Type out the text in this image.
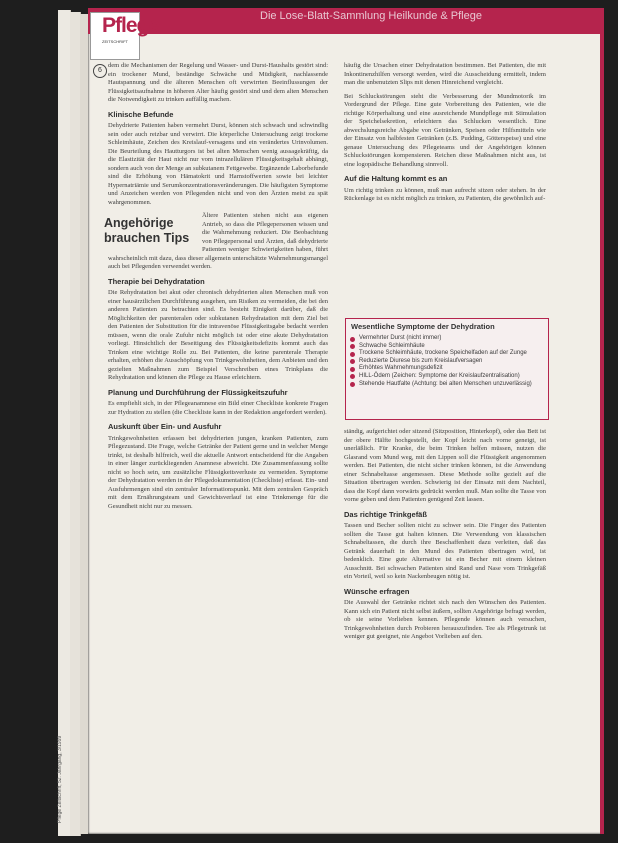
Pflege Zeitschrift, 52. Jahrgang, 3/1999
Die Lose-Blatt-Sammlung Heilkunde & Pflege
Pflege
ZEITSCHRIFT
6

dem die Mechanismen der Regelung und Wasser- und Durst-Haushalts gestört sind: ein trockener Mund, beständige Schwäche und Müdigkeit, nachlassende Hautspannung und die älteren Menschen oft verwirrten Beeinflussungen der Flüssigkeitsaufnahme in höheren Alter häufig gestört sind und dem alten Menschen die Notwendigkeit zu trinken auffällig machen.

Klinische Befunde

Dehydrierte Patienten haben vermehrt Durst, können sich schwach und schwindlig sein oder auch reizbar und verwirrt. Die körperliche Untersuchung zeigt trockene Schleimhäute, Zeichen des Kreislauf-versagens und ein verändertes Urinvolumen. Die Beurteilung des Hautturgors ist bei alten Menschen wenig aussagekräftig, da die Elastizität der Haut nicht nur vom intrazellulären Flüssigkeitsgehalt abhängt, sondern auch von der Menge an subkutanem Fettgewebe. Ergänzende Laborbefunde sind die Erhöhung von Hämatokrit und Harnstoffwerten sowie bei leichter Hypernatriämie und Serumkonzentrationsveränderungen. Die häufigsten Symptome und Anzeichen werden von Pflegenden nicht und von den Ärzten meist zu spät wahrgenommen.

Angehörige brauchen Tips

Ältere Patienten stehen nicht aus eigenen Antrieb, so dass die Pflegepersonen wissen und die Wahrnehmung reduziert. Die Beobachtung von Pflegepersonal und Ärzten, daß dehydrierte Patienten weniger Schwierigkeiten haben, führt wahrscheinlich mit dazu, dass dieser allgemein unterschätzte Wahrnehmungsmangel auch bei Pflegenden verwendet werden.

Therapie bei Dehydratation

Die Rehydratation bei akut oder chronisch dehydrierten alten Menschen muß von einer hausärztlichen Durchführung ausgehen, um Risiken zu vermeiden, die bei den anderen Patienten zu betrachten sind. Es besteht Einigkeit darüber, daß die Möglichkeiten der parenteralen oder subkutanen Rehydratation mit dem Ziel bei den Patienten der Substitution für die intravenöse Flüssigkeitsgabe bedacht werden müssen, wenn die orale Zufuhr nicht möglich ist oder eine akute Dehydratation vorliegt. Hinsichtlich der Beseitigung des Flüssigkeitsdefizits kommt auch das Trinken eine wichtige Rolle zu. Bei Patienten, die keine parenterale Therapie erhalten, erhöhen die Ausschöpfung von Trinkgewohnheiten, dem Anbieten und den gezielten Maßnahmen zum Beispiel Verschreiben eines Trinkplans die Rehydratation und können die Pflege zu Hause erleichtern.

Planung und Durchführung der Flüssigkeitszufuhr

Es empfiehlt sich, in der Pflegeanamnese ein Bild einer Checkliste konkrete Fragen zur Hydration zu stellen (die Checkliste kann in der Redaktion angefordert werden).

Auskunft über Ein- und Ausfuhr

Trinkgewohnheiten erfassen bei dehydrierten jungen, kranken Patienten, zum Pflegezustand. Die Frage, welche Getränke der Patient gerne und in welcher Menge trinkt, ist deshalb hilfreich, weil die aktuelle Antwort entscheidend für die Angaben in einer länger zurückliegenden Anamnese abweicht. Die Zusammenfassung sollte nicht so hoch sein, um zusätzliche Flüssigkeitsverluste zu vermeiden. Symptome der Dehydratation werden in der Pflegedokumentation (Checkliste) erfasst. Ein- und Ausfuhrmengen sind ein zentraler Informationspunkt. Mit dem zentralen Gespräch mit dem Ernährungsteam und Gewichtsverlauf ist eine Trinkmenge für die Gesundheit nicht nur zu messen.

häufig die Ursachen einer Dehydratation bestimmen. Bei Patienten, die mit Inkontinenzhilfen versorgt werden, wird die Ausscheidung ermittelt, indem man die unbenutzten Slips mit denen Hinreichend vergleicht.

Bei Schluckstörungen steht die Verbesserung der Mundmotorik im Vordergrund der Pflege. Eine gute Vorbereitung des Patienten, wie die richtige Körperhaltung und eine ausreichende Mundpflege mit Stimulation der Speichelsekretion, erleichtern das Schlucken wesentlich. Eine abwechslungsreiche Abgabe von Getränken, Speisen oder Hilfsmitteln wie der Einsatz von halbfesten Getränken (z.B. Pudding, Götterspeise) und eine genaue Untersuchung des Pflegeteams und der Angehörigen können Schluckstörungen kompensieren. Reichen diese Maßnahmen nicht aus, ist eine logopädische Behandlung sinnvoll.

Auf die Haltung kommt es an

Um richtig trinken zu können, muß man aufrecht sitzen oder stehen. In der Rückenlage ist es nicht möglich zu trinken, zu Patienten, die gewöhnlich auf-

Wesentliche Symptome der Dehydration
Vermehrter Durst (nicht immer)
Schwache Schleimhäute
Trockene Schleimhäute, trockene Speichelfaden auf der Zunge
Reduzierte Diurese bis zum Kreislaufversagen
Erhöhtes Wahrnehmungsdefizit
HILL-Ödem (Zeichen: Symptome der Kreislaufzentralisation)
Stehende Hautfalte (Achtung: bei alten Menschen unzuverlässig)

ständig, aufgerichtet oder sitzend (Sitzposition, Hinterkopf), oder das Bett ist der obere Hälfte hochgestellt, der Kopf leicht nach vorne geneigt, ist unerläßlich. Für Kranke, die beim Trinken helfen müssen, nutzen die Glasrand vom Mund weg, mit den Lippen soll die Flüssigkeit angenommen werden. Bei Patienten, die nicht sicher trinken können, ist die Anwendung einer Schnabeltasse angemessen. Diese Methode sollte gezielt auf die Situation übertragen werden. Schwierig ist der Einsatz mit dem Nachteil, dass die Kopf dann vorwärts gedrückt werden muß. Man sollte die Tasse von vorne geben und dem Patienten genügend Zeit lassen.

Das richtige Trinkgefäß

Tassen und Becher sollten nicht zu schwer sein. Die Finger des Patienten sollten die Tasse gut halten können. Die Verwendung von klassischen Schnabeltassen, die durch ihre Beschaffenheit dazu verleiten, daß das Getränk dauerhaft in den Mund des Patienten übertragen wird, ist bedenklich. Eine gute Alternative ist ein Becher mit einem kleinen Ausschnitt. Bei schwachen Patienten sind Rand und Nase vom Trinkgefäß ein Vorteil, weil so kein Nackenbeugen nötig ist.

Wünsche erfragen

Die Auswahl der Getränke richtet sich nach den Wünschen des Patienten. Kann sich ein Patient nicht selbst äußern, sollten Angehörige befragt werden, ob sie seine Vorlieben kennen. Pflegende können auch versuchen, Trinkgewohnheiten durch Probieren herauszufinden. Tee als Pflegetrunk ist weniger gut geeignet, nie Angebot Vorlieben auf den.
